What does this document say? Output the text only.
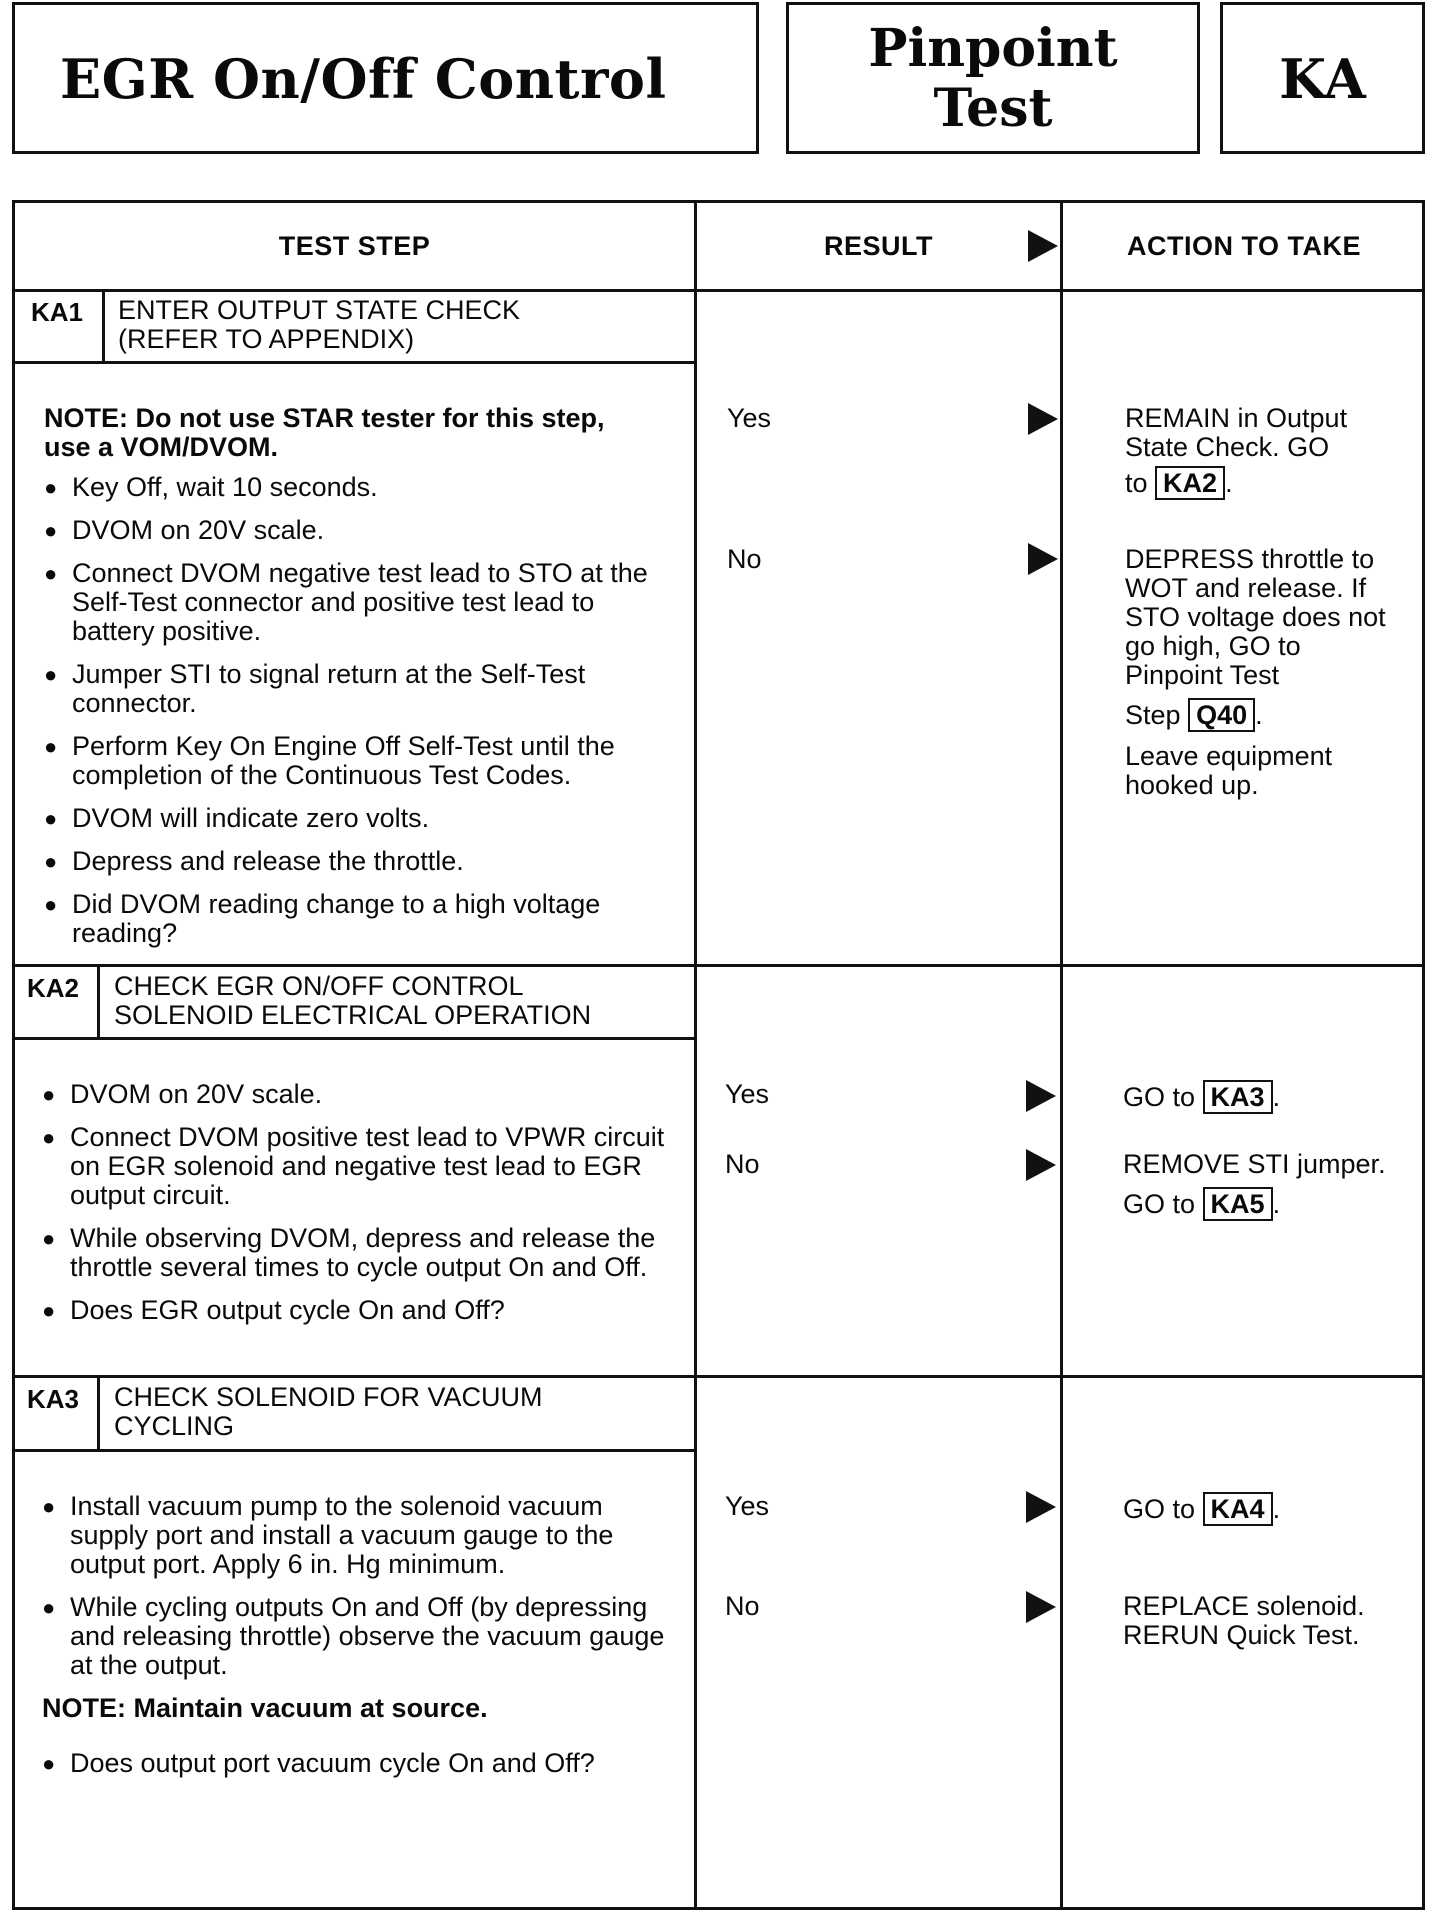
EGR On/Off Control	Pinpoint
Test	KA
TEST STEP	RESULT	ACTION TO TAKE
KA1 ENTER OUTPUT STATE CHECK
(REFER TO APPENDIX)
NOTE: Do not use STAR tester for this step,
use a VOM/DVOM.
● Key Off, wait 10 seconds.
● DVOM on 20V scale.
● Connect DVOM negative test lead to STO at the Self-Test connector and positive test lead to battery positive.
● Jumper STI to signal return at the Self-Test connector.
● Perform Key On Engine Off Self-Test until the completion of the Continuous Test Codes.
● DVOM will indicate zero volts.
● Depress and release the throttle.
● Did DVOM reading change to a high voltage reading?
Yes	REMAIN in Output
State Check. GO
to KA2 .
No	DEPRESS throttle to
WOT and release. If
STO voltage does not
go high, GO to
Pinpoint Test
Step Q40 .
Leave equipment
hooked up.
KA2 CHECK EGR ON/OFF CONTROL
SOLENOID ELECTRICAL OPERATION
● DVOM on 20V scale.
● Connect DVOM positive test lead to VPWR circuit on EGR solenoid and negative test lead to EGR output circuit.
● While observing DVOM, depress and release the throttle several times to cycle output On and Off.
● Does EGR output cycle On and Off?
Yes	GO to KA3 .
No	REMOVE STI jumper.
GO to KA5 .
KA3 CHECK SOLENOID FOR VACUUM
CYCLING
● Install vacuum pump to the solenoid vacuum supply port and install a vacuum gauge to the output port. Apply 6 in. Hg minimum.
● While cycling outputs On and Off (by depressing and releasing throttle) observe the vacuum gauge at the output.
NOTE: Maintain vacuum at source.
● Does output port vacuum cycle On and Off?
Yes	GO to KA4 .
No	REPLACE solenoid.
RERUN Quick Test.
